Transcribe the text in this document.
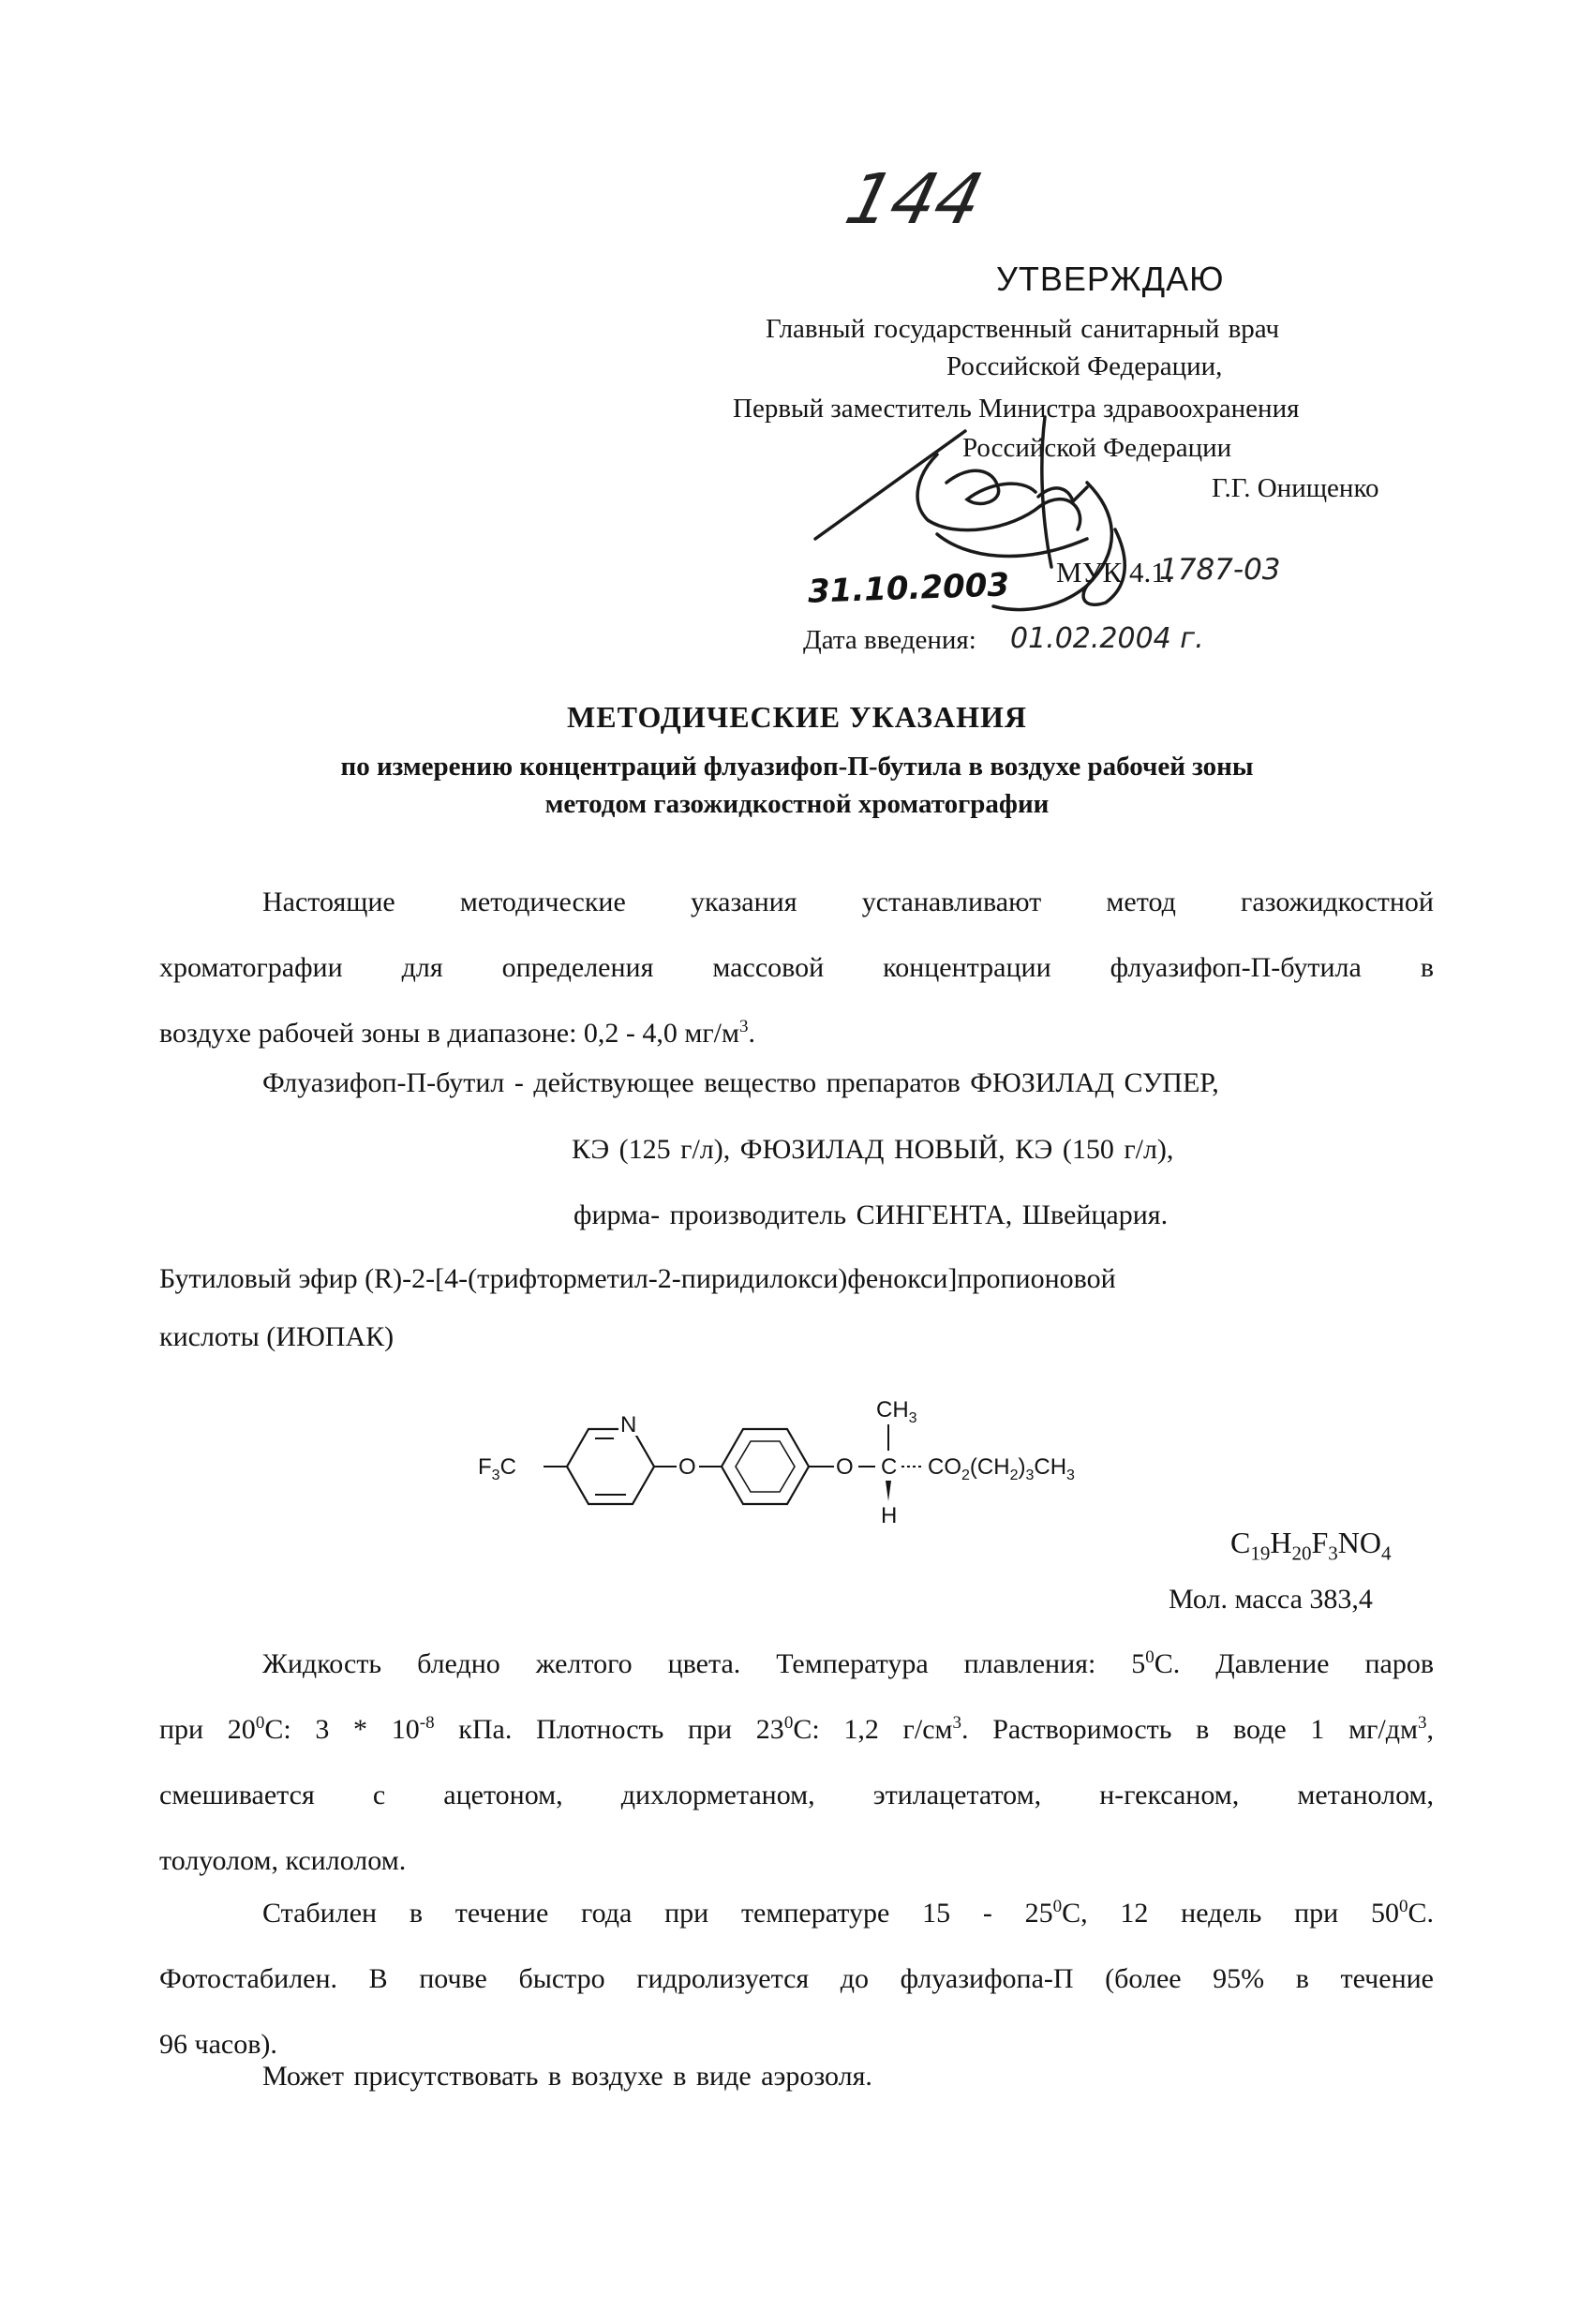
144
УТВЕРЖДАЮ
Главный государственный санитарный врач
Российской Федерации,
Первый заместитель Министра здравоохранения
Российской Федерации
Г.Г. Онищенко
МУК 4.1.
1787-03
31.10.2003
Дата введения: 01.02.2004 г.
МЕТОДИЧЕСКИЕ УКАЗАНИЯ
по измерению концентраций флуазифоп-П-бутила в воздухе рабочей зоны
методом газожидкостной хроматографии
Настоящие методические указания устанавливают метод газожидкостной
хроматографии для определения массовой концентрации флуазифоп-П-бутила в
воздухе рабочей зоны в диапазоне: 0,2 - 4,0 $мг/м^3$.
Флуазифоп-П-бутил - действующее вещество препаратов ФЮЗИЛАД СУПЕР,
КЭ (125 г/л), ФЮЗИЛАД НОВЫЙ, КЭ (150 г/л),
фирма- производитель СИНГЕНТА, Швейцария.
Бутиловый эфир (R)-2-[4-(трифторметил-2-пиридилокси)фенокси]пропионовой
кислоты (ИЮПАК)
$F_3C$
N
O	O C
$CH_3$
H
$CO_2(CH_2)_3CH_3$
$C_{19}H_{20}F_3NO_4$
Мол. масса 383,4
Жидкость бледно желтого цвета. Температура плавления: $5^0С$. Давление паров
при $20^0С$: $3 * 10^{-8}$ кПа. Плотность при $23^0С$: 1,2 $г/см^3$. Растворимость в воде 1 $мг/дм^3$,
смешивается с ацетоном, дихлорметаном, этилацетатом, н-гексаном, метанолом,
толуолом, ксилолом.
Стабилен в течение года при температуре $15 - 25^0С$, 12 недель при $50^0С$.
Фотостабилен. В почве быстро гидролизуется до флуазифопа-П (более 95% в течение
96 часов).
Может присутствовать в воздухе в виде аэрозоля.
